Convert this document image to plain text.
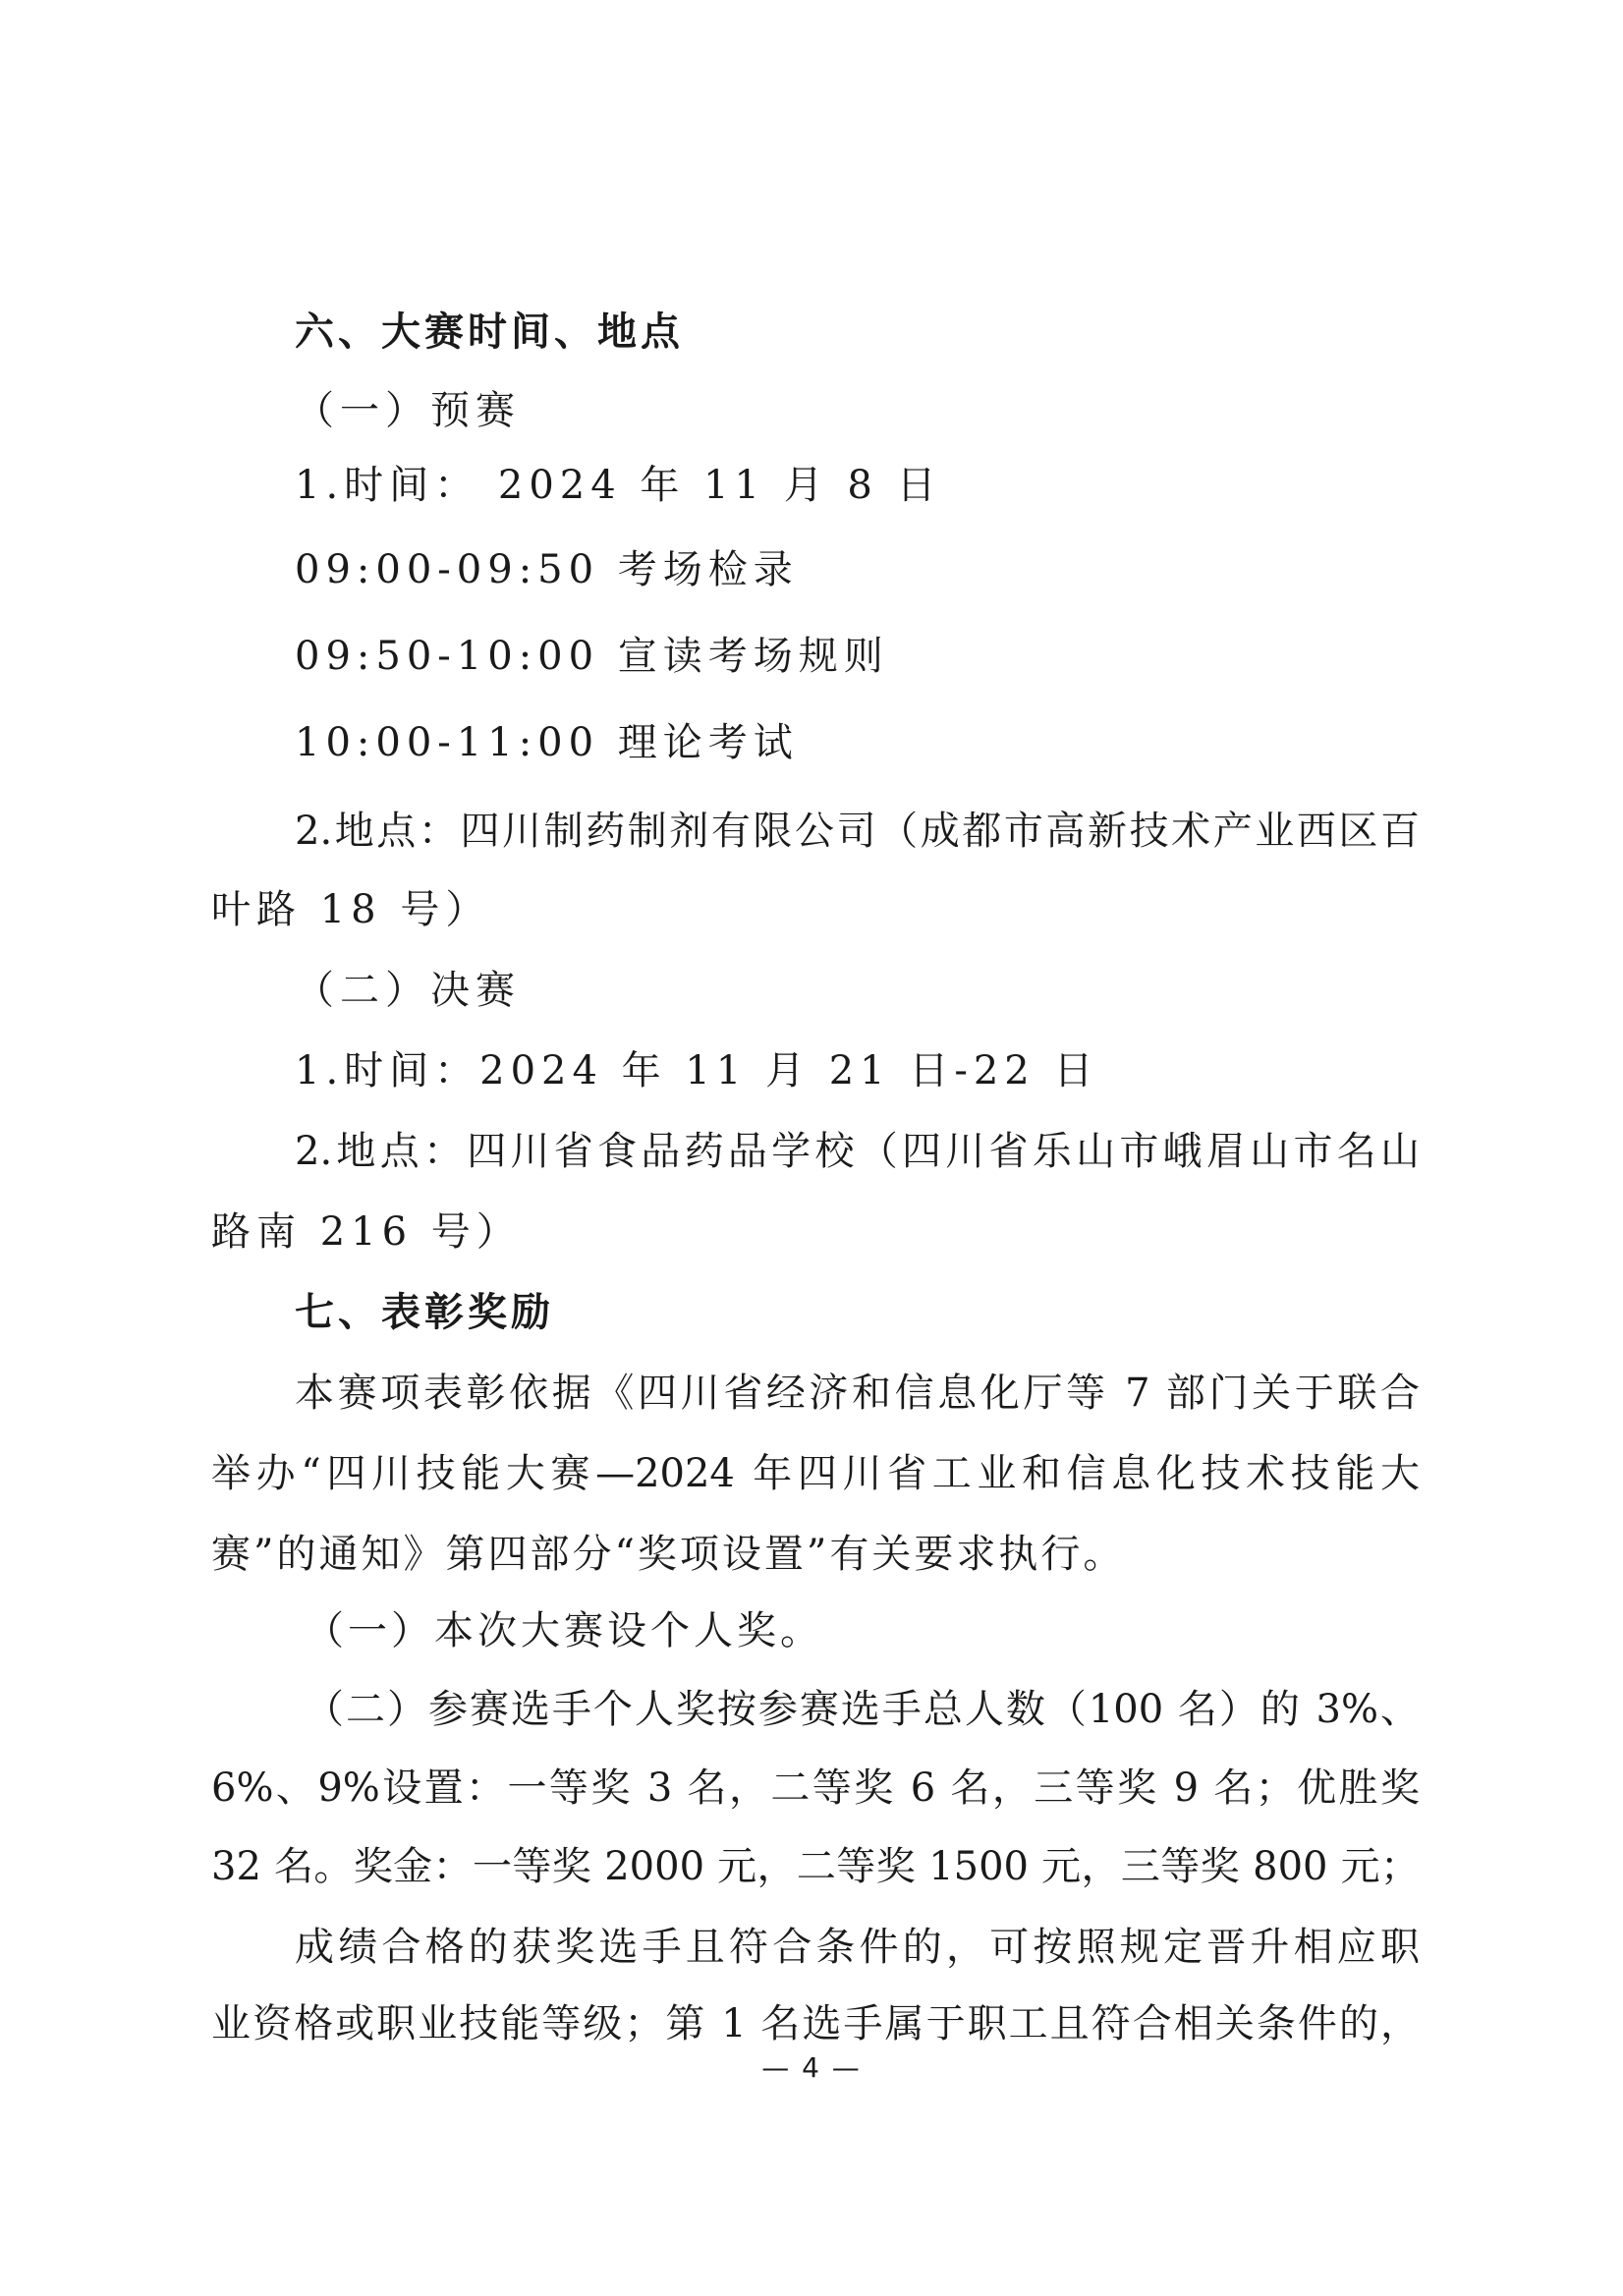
六、大赛时间、地点
（一）预赛
1.时间： 2024 年 11 月 8 日
09:00-09:50 考场检录
09:50-10:00 宣读考场规则
10:00-11:00 理论考试
2.地点：四川制药制剂有限公司（成都市高新技术产业西区百
叶路 18 号）
（二）决赛
1.时间：2024 年 11 月 21 日-22 日
2.地点：四川省食品药品学校（四川省乐山市峨眉山市名山
路南 216 号）
七、表彰奖励
本赛项表彰依据《四川省经济和信息化厅等 7 部门关于联合
举办“四川技能大赛—2024 年四川省工业和信息化技术技能大
赛”的通知》第四部分“奖项设置”有关要求执行。
（一）本次大赛设个人奖。
（二）参赛选手个人奖按参赛选手总人数（100 名）的 3%、
6%、9%设置：一等奖 3 名，二等奖 6 名，三等奖 9 名；优胜奖
32 名。奖金：一等奖 2000 元，二等奖 1500 元，三等奖 800 元；
成绩合格的获奖选手且符合条件的，可按照规定晋升相应职
业资格或职业技能等级；第 1 名选手属于职工且符合相关条件的，
— 4 —
